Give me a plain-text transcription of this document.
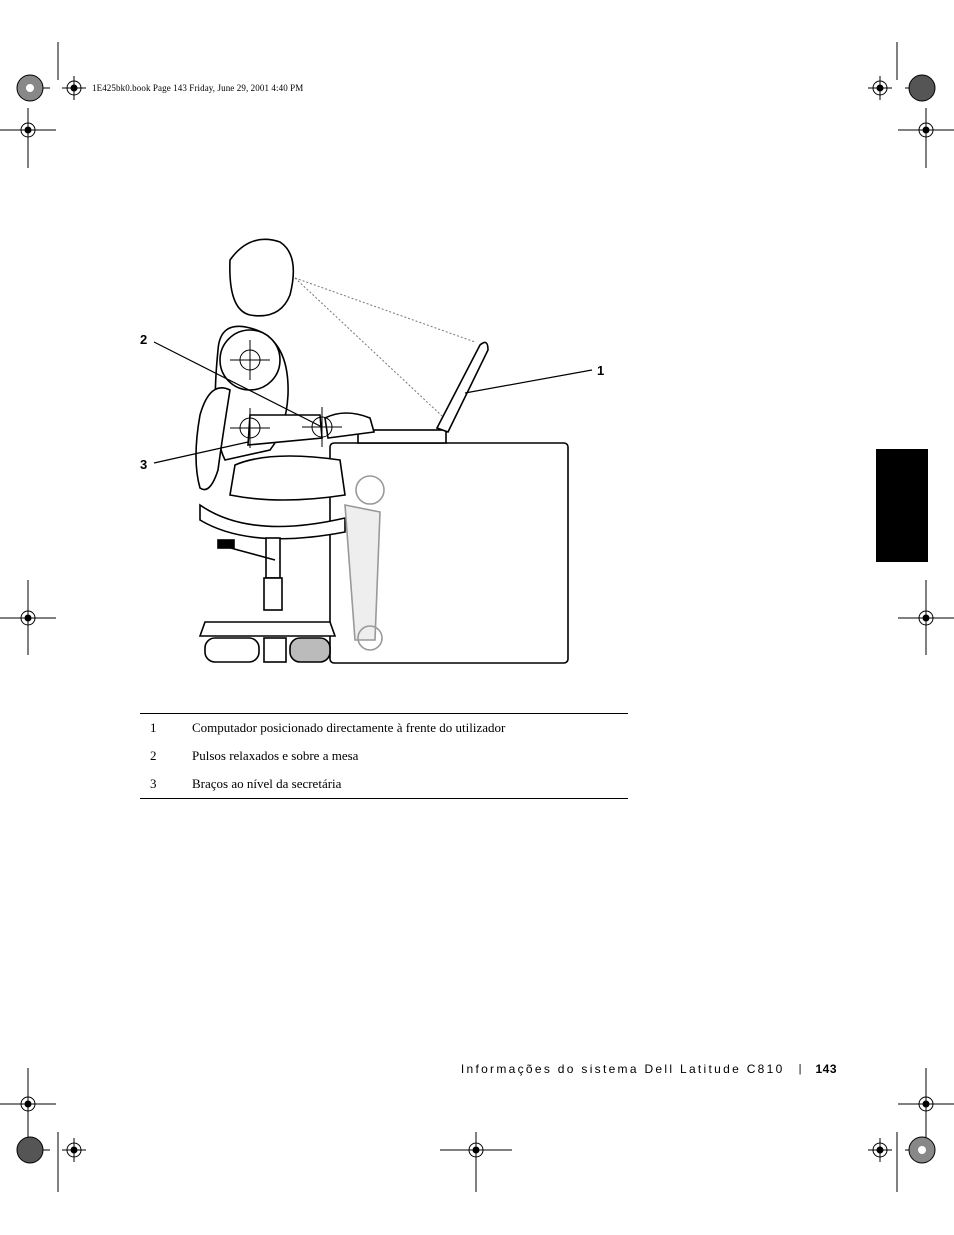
1E425bk0.book Page 143 Friday, June 29, 2001 4:40 PM
1
2
3
1	Computador posicionado directamente à frente do utilizador
2	Pulsos relaxados e sobre a mesa
3	Braços ao nível da secretária
Informações do sistema Dell Latitude C810 | 143
